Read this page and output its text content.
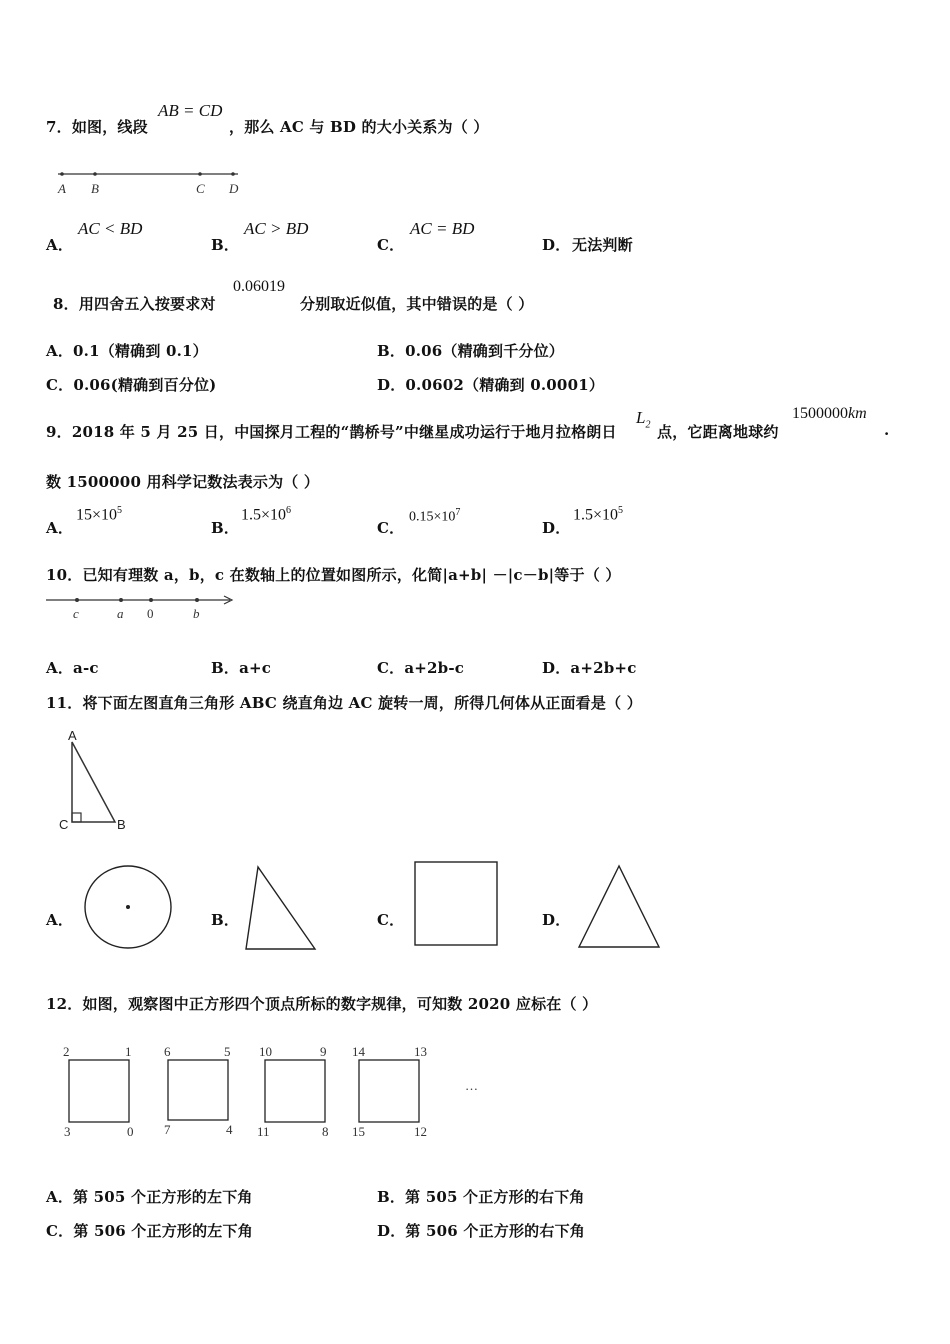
7．如图，线段
AB = CD
，那么 AC 与 BD 的大小关系为（ ）
A B	C D
A．
AC < BD
B．
AC > BD
C．
AC = BD
D． 无法判断
8．用四舍五入按要求对
0.06019
分别取近似值，其中错误的是（ ）
A．0.1（精确到 0.1）	B．0.06（精确到千分位）
C．0.06(精确到百分位)	D．0.0602（精确到 0.0001）
9．2018 年 5 月 25 日，中国探月工程的“鹊桥号”中继星成功运行于地月拉格朗日
$L_2$ 点，它距离地球约
1500000km
.
数 1500000 用科学记数法表示为（ ）
A．
$15\times 10^5$
B．
$1.5\times 10^6$
C．
$0.15\times 10^7$
D．
$1.5\times 10^5$
10．已知有理数 a，b，c 在数轴上的位置如图所示，化简|a+b| －|c－b|等于（ ）
c	a 0	b
A．a-c	B．a+c	C．a+2b-c	D．a+2b+c
11．将下面左图直角三角形 ABC 绕直角边 AC 旋转一周，所得几何体从正面看是（ ）
A
C	B
A．	B．	C．	D．
12．如图，观察图中正方形四个顶点所标的数字规律，可知数 2020 应标在（ ）
2	1
3	0
6	5
7	4
10	9
11	8
14	13
15	12
…
A．第 505 个正方形的左下角	B．第 505 个正方形的右下角
C．第 506 个正方形的左下角	D．第 506 个正方形的右下角
